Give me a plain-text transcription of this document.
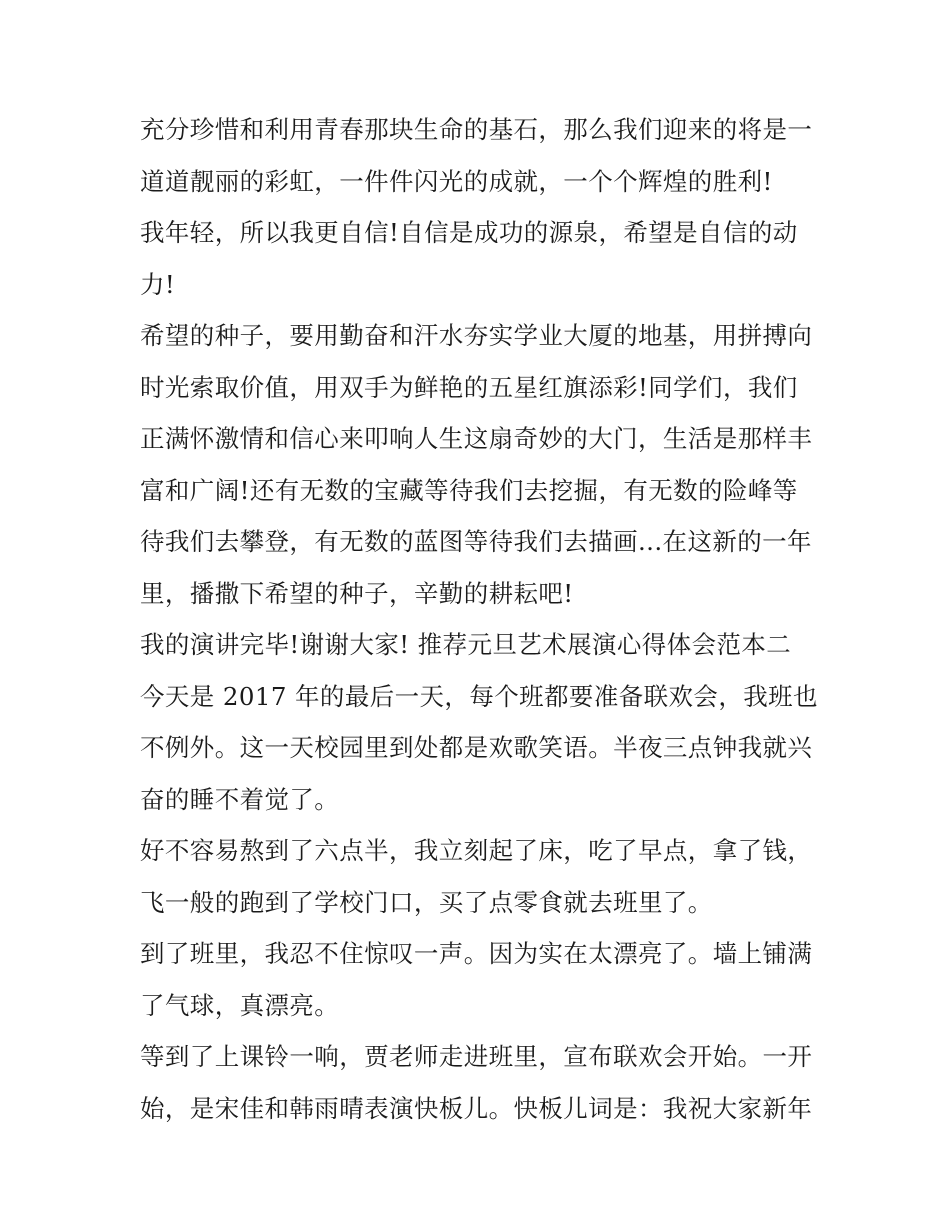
充分珍惜和利用青春那块生命的基石，那么我们迎来的将是一
道道靓丽的彩虹，一件件闪光的成就，一个个辉煌的胜利!
我年轻，所以我更自信!自信是成功的源泉，希望是自信的动
力!
希望的种子，要用勤奋和汗水夯实学业大厦的地基，用拼搏向
时光索取价值，用双手为鲜艳的五星红旗添彩!同学们，我们
正满怀激情和信心来叩响人生这扇奇妙的大门，生活是那样丰
富和广阔!还有无数的宝藏等待我们去挖掘，有无数的险峰等
待我们去攀登，有无数的蓝图等待我们去描画...在这新的一年
里，播撒下希望的种子，辛勤的耕耘吧!
我的演讲完毕!谢谢大家! 推荐元旦艺术展演心得体会范本二
今天是 2017 年的最后一天，每个班都要准备联欢会，我班也
不例外。这一天校园里到处都是欢歌笑语。半夜三点钟我就兴
奋的睡不着觉了。
好不容易熬到了六点半，我立刻起了床，吃了早点，拿了钱，
飞一般的跑到了学校门口，买了点零食就去班里了。
到了班里，我忍不住惊叹一声。因为实在太漂亮了。墙上铺满
了气球，真漂亮。
等到了上课铃一响，贾老师走进班里，宣布联欢会开始。一开
始，是宋佳和韩雨晴表演快板儿。快板儿词是：我祝大家新年
